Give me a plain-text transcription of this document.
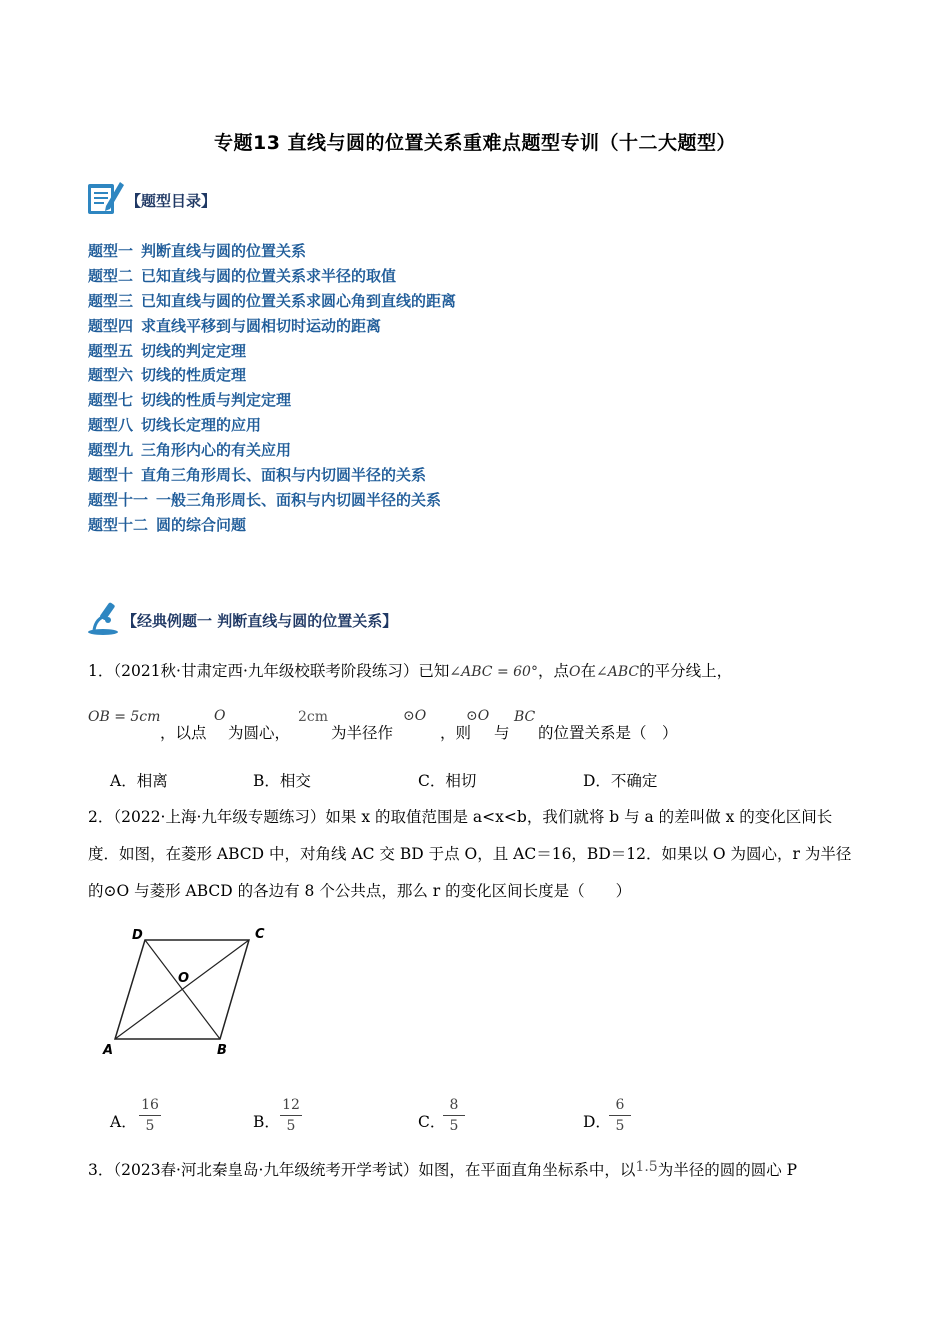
专题13 直线与圆的位置关系重难点题型专训（十二大题型）
【题型目录】
题型一 判断直线与圆的位置关系
题型二 已知直线与圆的位置关系求半径的取值
题型三 已知直线与圆的位置关系求圆心角到直线的距离
题型四 求直线平移到与圆相切时运动的距离
题型五 切线的判定定理
题型六 切线的性质定理
题型七 切线的性质与判定定理
题型八 切线长定理的应用
题型九 三角形内心的有关应用
题型十 直角三角形周长、面积与内切圆半径的关系
题型十一 一般三角形周长、面积与内切圆半径的关系
题型十二 圆的综合问题
【经典例题一 判断直线与圆的位置关系】
1．（2021秋·甘肃定西·九年级校联考阶段练习）已知∠ABC = 60°，点O在∠ABC的平分线上，
OB = 5cm
，以点
O
为圆心，
2cm
为半径作
⊙O
，则
⊙O
与
BC
的位置关系是（　）
A．相离	B．相交	C．相切	D．不确定
2．（2022·上海·九年级专题练习）如果 x 的取值范围是 a<x<b，我们就将 b 与 a 的差叫做 x 的变化区间长
度．如图，在菱形 ABCD 中，对角线 AC 交 BD 于点 O，且 AC＝16，BD＝12．如果以 O 为圆心，r 为半径
的⊙O 与菱形 ABCD 的各边有 8 个公共点，那么 r 的变化区间长度是（　　）
A	B
C
D
O
A．
16
5	B．
12
5	C．
8
5	D．
6
5
3．（2023春·河北秦皇岛·九年级统考开学考试）如图，在平面直角坐标系中，以1.5为半径的圆的圆心 P
